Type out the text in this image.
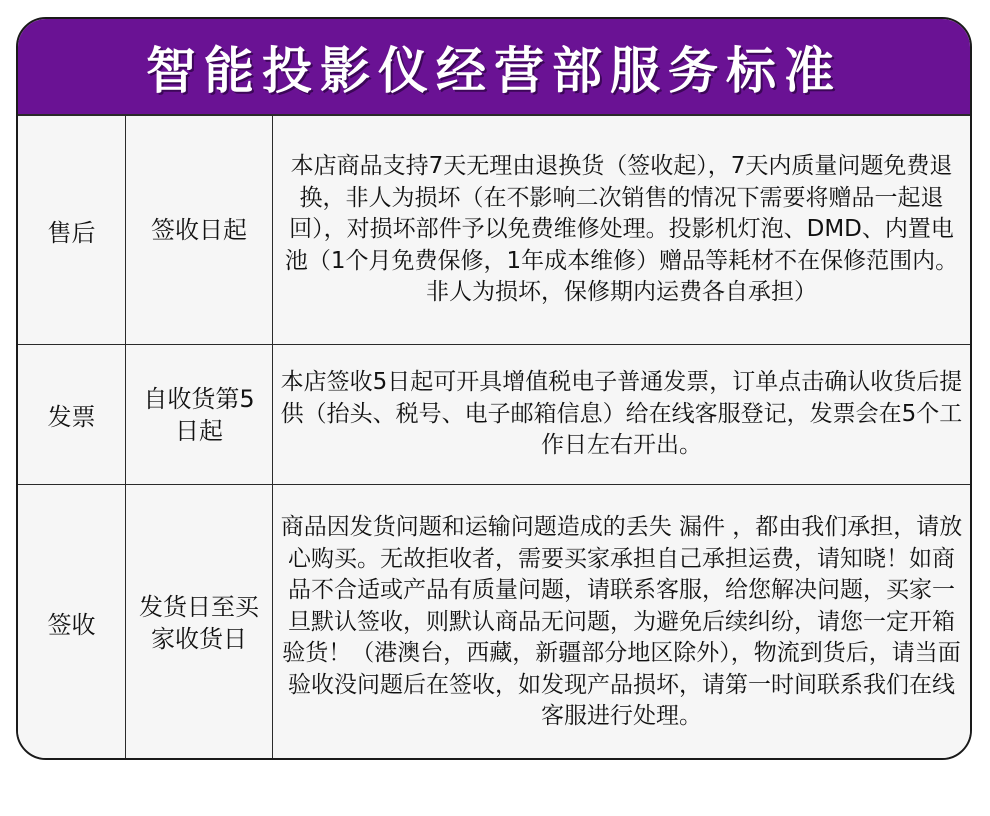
智能投影仪经营部服务标准
售后	签收日起
本店商品支持7天无理由退换货（签收起），7天内质量问题免费退换，非人为损坏（在不影响二次销售的情况下需要将赠品一起退回），对损坏部件予以免费维修处理。投影机灯泡、DMD、内置电池（1个月免费保修，1年成本维修）赠品等耗材不在保修范围内。非人为损坏，保修期内运费各自承担）
发票
自收货第5日起
本店签收5日起可开具增值税电子普通发票，订单点击确认收货后提供（抬头、税号、电子邮箱信息）给在线客服登记，发票会在5个工作日左右开出。
签收
发货日至买家收货日
商品因发货问题和运输问题造成的丢失 漏件 ，都由我们承担，请放心购买。无故拒收者，需要买家承担自己承担运费，请知晓！如商品不合适或产品有质量问题，请联系客服，给您解决问题，买家一旦默认签收，则默认商品无问题，为避免后续纠纷，请您一定开箱验货！（港澳台，西藏，新疆部分地区除外），物流到货后，请当面验收没问题后在签收，如发现产品损坏，请第一时间联系我们在线客服进行处理。
